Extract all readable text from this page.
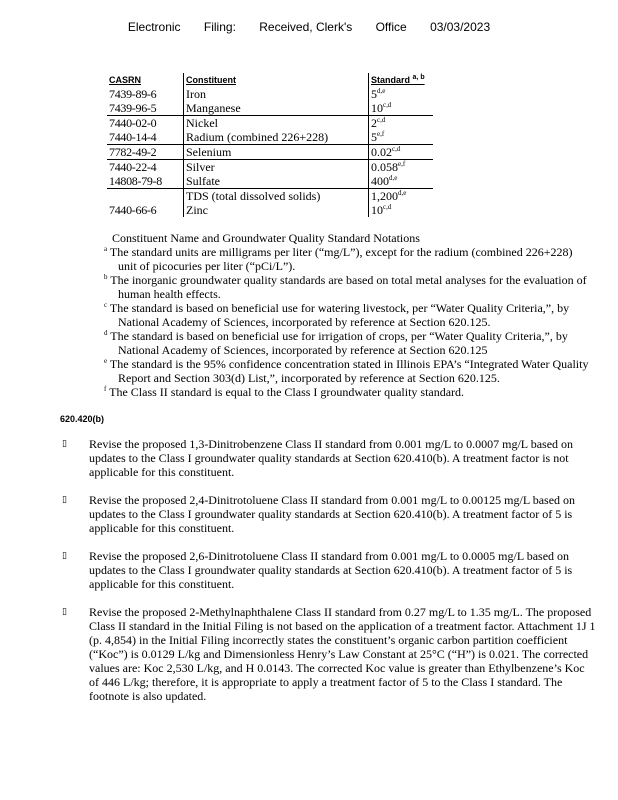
Electronic Filing: Received, Clerk's Office 03/03/2023
CASRN	Constituent	Standard $^{a, b}$
7439-89-6	Iron	5$^{d,e}$
7439-96-5	Manganese	10$^{c,d}$
7440-02-0	Nickel	2$^{c,d}$
7440-14-4	Radium (combined 226+228)	5$^{e,f}$
7782-49-2	Selenium	0.02$^{c,d}$
7440-22-4	Silver	0.058$^{e,f}$
14808-79-8	Sulfate	400$^{d,e}$
	TDS (total dissolved solids)	1,200$^{d,e}$
7440-66-6	Zinc	10$^{c,d}$

Constituent Name and Groundwater Quality Standard Notations

$^a$ The standard units are milligrams per liter (“mg/L”), except for the radium (combined 226+228) unit of picocuries per liter (“pCi/L”).

$^b$ The inorganic groundwater quality standards are based on total metal analyses for the evaluation of human health effects.

$^c$ The standard is based on beneficial use for watering livestock, per “Water Quality Criteria,”, by National Academy of Sciences, incorporated by reference at Section 620.125.

$^d$ The standard is based on beneficial use for irrigation of crops, per “Water Quality Criteria,”, by National Academy of Sciences, incorporated by reference at Section 620.125

$^e$ The standard is the 95% confidence concentration stated in Illinois EPA’s “Integrated Water Quality Report and Section 303(d) List,”, incorporated by reference at Section 620.125.

$^f$ The Class II standard is equal to the Class I groundwater quality standard.

620.420(b)
▯	Revise the proposed 1,3-Dinitrobenzene Class II standard from 0.001 mg/L to 0.0007 mg/L based on updates to the Class I groundwater quality standards at Section 620.410(b). A treatment factor is not applicable for this constituent.
▯	Revise the proposed 2,4-Dinitrotoluene Class II standard from 0.001 mg/L to 0.00125 mg/L based on updates to the Class I groundwater quality standards at Section 620.410(b). A treatment factor of 5 is applicable for this constituent.
▯	Revise the proposed 2,6-Dinitrotoluene Class II standard from 0.001 mg/L to 0.0005 mg/L based on updates to the Class I groundwater quality standards at Section 620.410(b). A treatment factor of 5 is applicable for this constituent.
▯	Revise the proposed 2-Methylnaphthalene Class II standard from 0.27 mg/L to 1.35 mg/L. The proposed Class II standard in the Initial Filing is not based on the application of a treatment factor. Attachment 1J 1 (p. 4,854) in the Initial Filing incorrectly states the constituent’s organic carbon partition coefficient (“Koc”) is 0.0129 L/kg and Dimensionless Henry’s Law Constant at 25°C (“H”) is 0.021. The corrected values are: Koc 2,530 L/kg, and H 0.0143. The corrected Koc value is greater than Ethylbenzene’s Koc of 446 L/kg; therefore, it is appropriate to apply a treatment factor of 5 to the Class I standard. The footnote is also updated.
